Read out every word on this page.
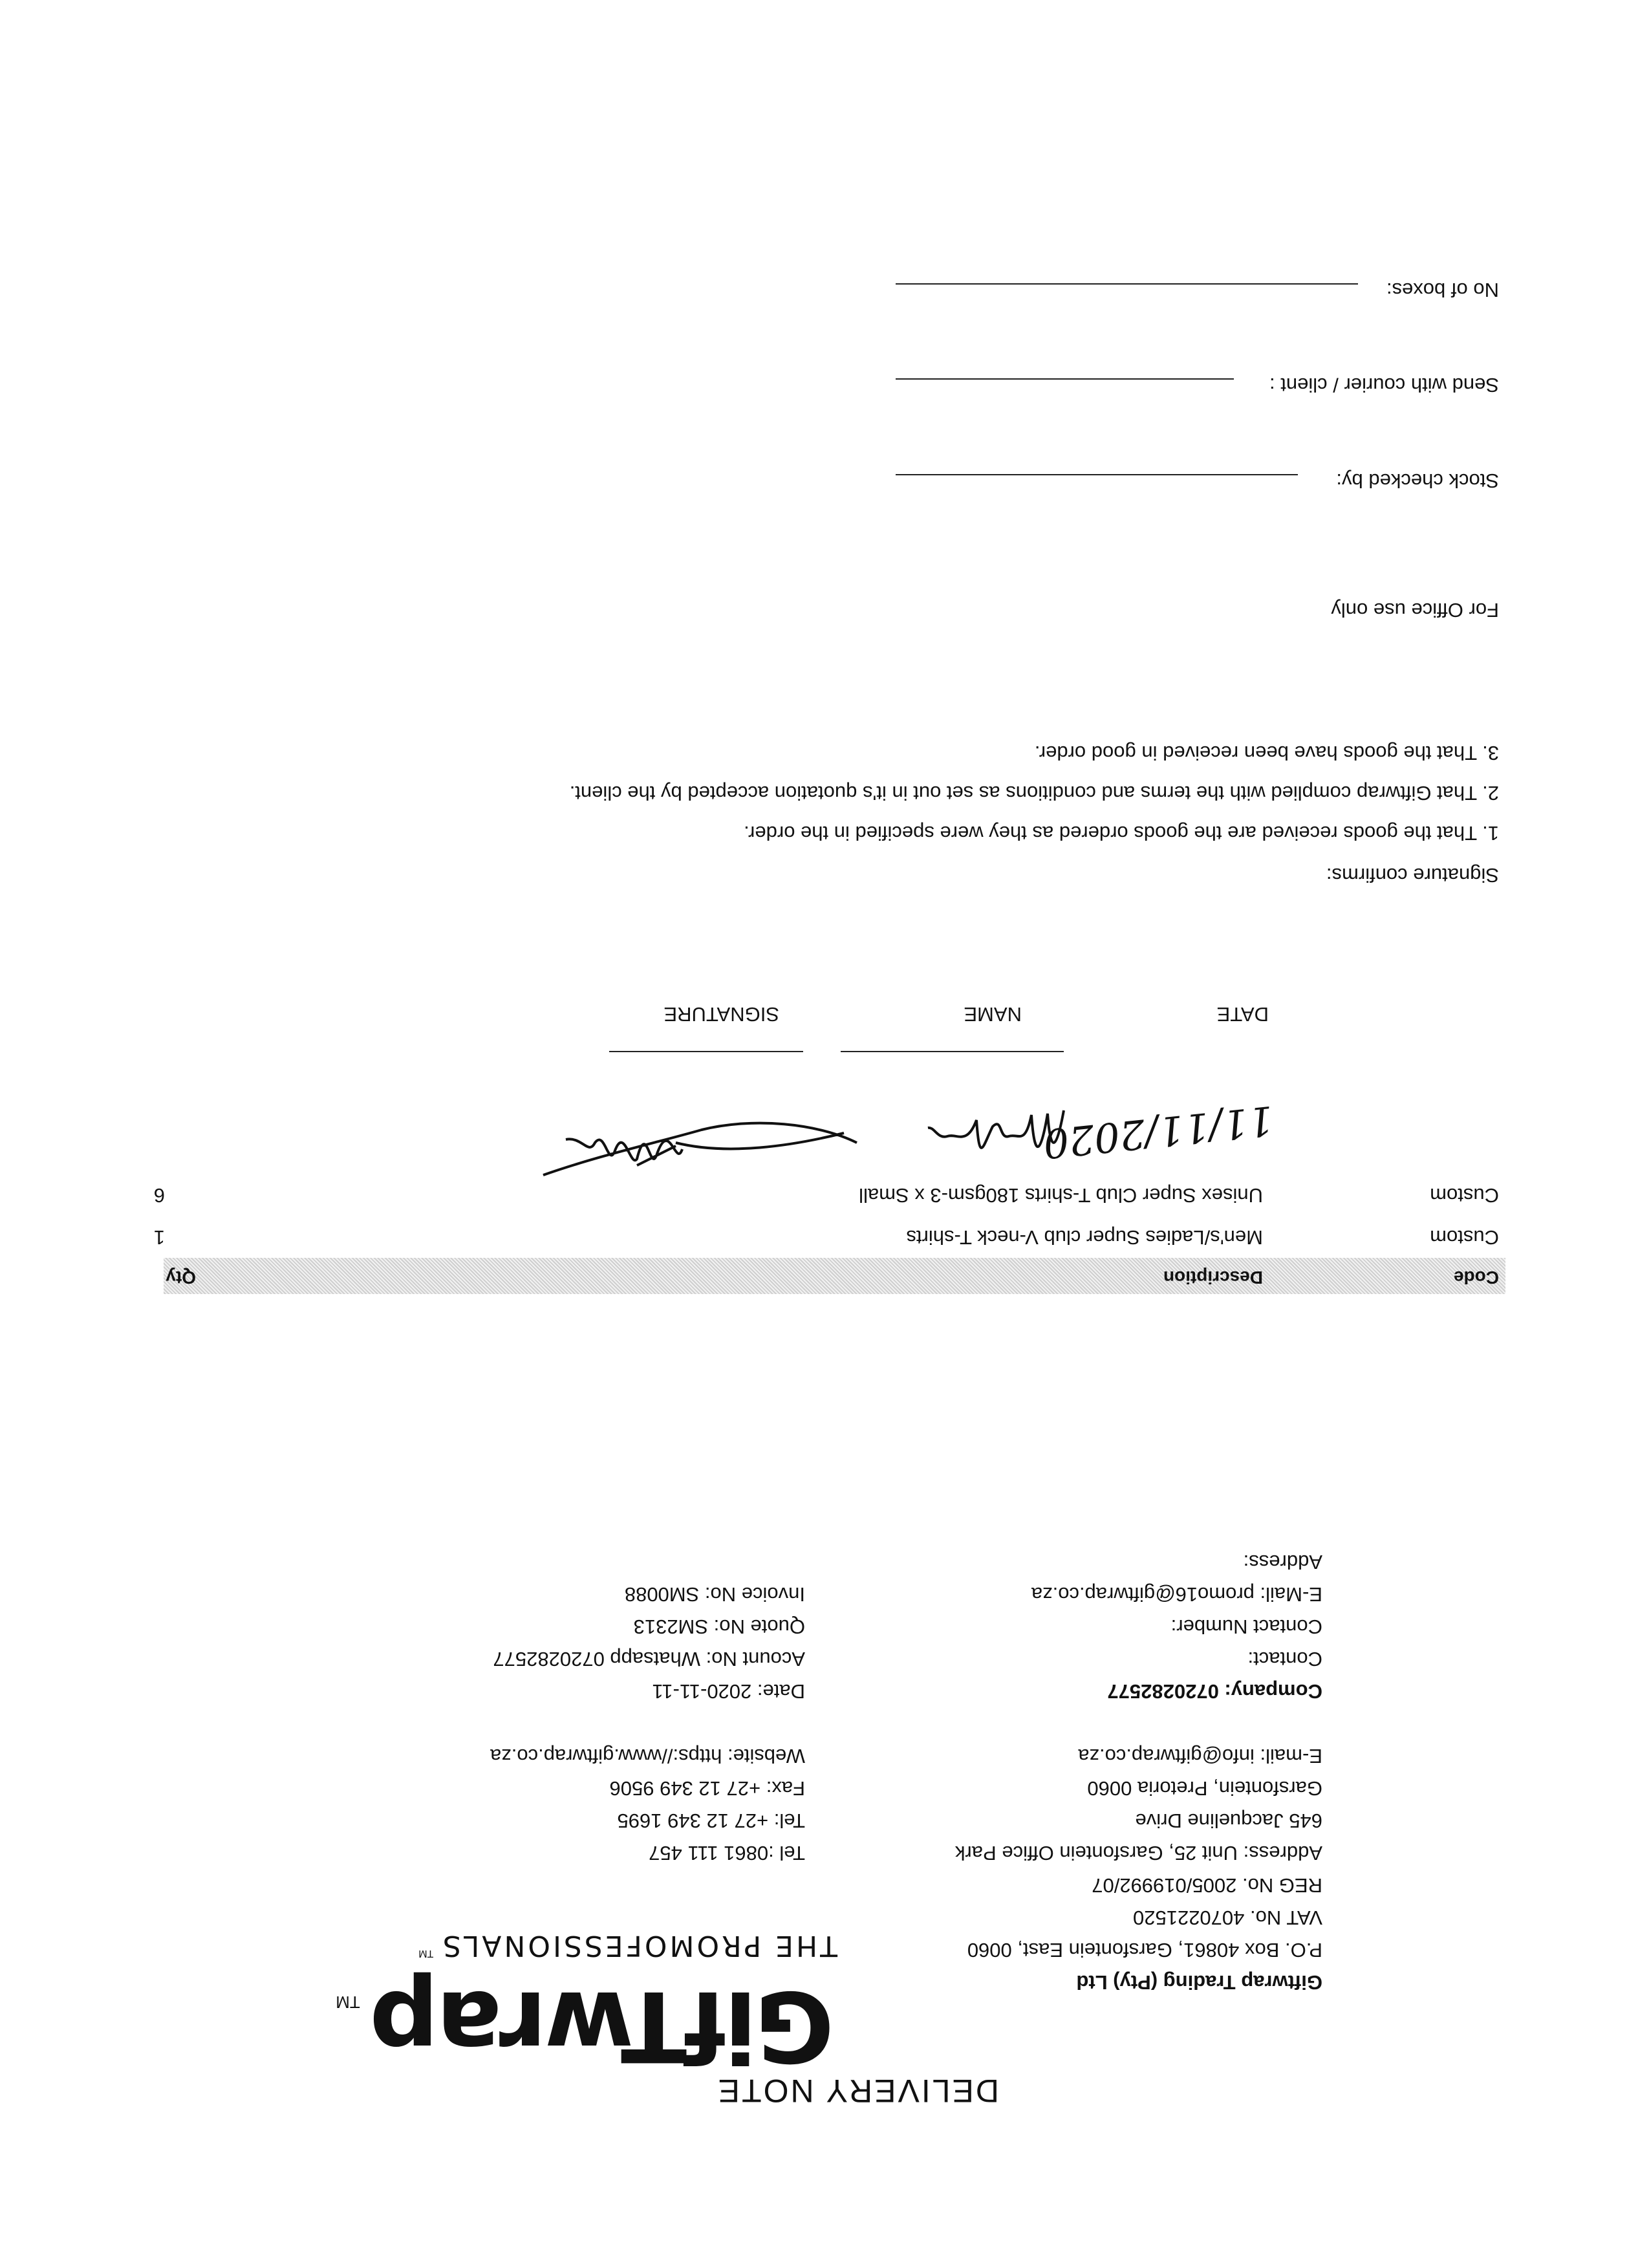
DELIVERY NOTE
GifTwrap TM
THE PROMOFESSIONALS TM
Giftwrap Trading (Pty) Ltd
P.O. Box 40861, Garsfontein East, 0060
VAT No. 4070221520
REG No. 2005/019992/07
Address: Unit 25, Garsfontein Office Park
645 Jacqueline Drive
Garsfontein, Pretoria 0060
E-mail: info@giftwrap.co.za
Tel :0861 111 457
Tel: +27 12 349 1695
Fax: +27 12 349 9506
Website: https://www.giftwrap.co.za
Company: 0720282577
Contact:
Contact Number:
E-Mail: promo16@giftwrap.co.za
Address:
Date: 2020-11-11
Acount No: Whatsapp 0720282577
Quote No: SM2313
Invoice No: SM0088
Code
Description
Qty
Custom
Men's/Ladies Super club V-neck T-shirts
1
Custom
Unisex Super Club T-shirts 180gsm-3 x Small
6
11/11/2020
DATE
NAME
SIGNATURE
Signature confirms:
1. That the goods received are the goods ordered as they were specified in the order.
2. That Giftwrap complied with the terms and conditions as set out in it's quotation accepted by the client.
3. That the goods have been received in good order.
For Office use only
Stock checked by:
Send with courier / client :
No of boxes:
